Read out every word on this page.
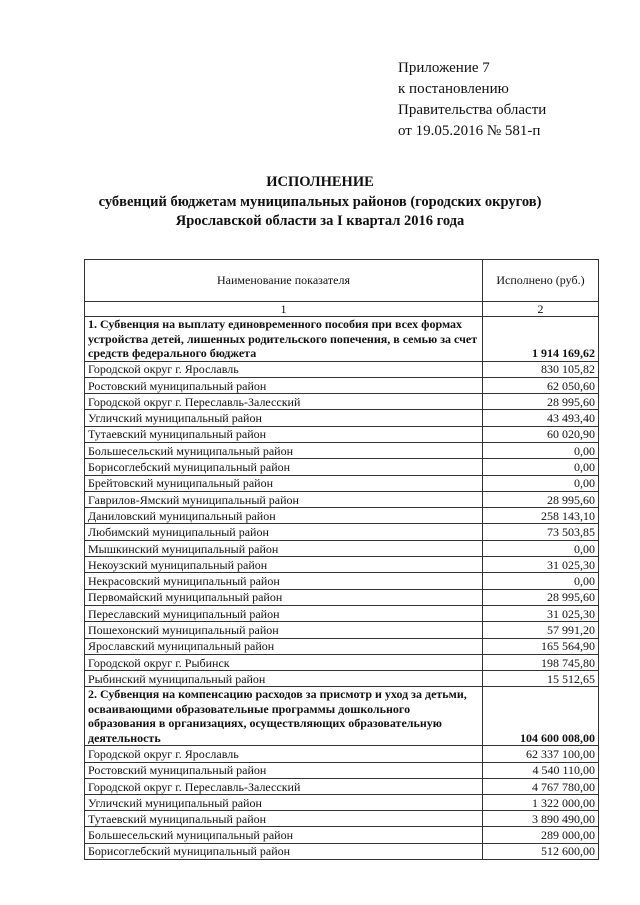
Приложение 7
к постановлению
Правительства области
от 19.05.2016 № 581-п
ИСПОЛНЕНИЕ
субвенций бюджетам муниципальных районов (городских округов)
Ярославской области за I квартал 2016 года
Наименование показателя	Исполнено (руб.)
1	2
1. Субвенция на выплату единовременного пособия при всех формах устройства детей, лишенных родительского попечения, в семью за счет средств федерального бюджета	1 914 169,62
Городской округ г. Ярославль	830 105,82
Ростовский муниципальный район	62 050,60
Городской округ г. Переславль-Залесский	28 995,60
Угличский муниципальный район	43 493,40
Тутаевский муниципальный район	60 020,90
Большесельский муниципальный район	0,00
Борисоглебский муниципальный район	0,00
Брейтовский муниципальный район	0,00
Гаврилов-Ямский муниципальный район	28 995,60
Даниловский муниципальный район	258 143,10
Любимский муниципальный район	73 503,85
Мышкинский муниципальный район	0,00
Некоузский муниципальный район	31 025,30
Некрасовский муниципальный район	0,00
Первомайский муниципальный район	28 995,60
Переславский муниципальный район	31 025,30
Пошехонский муниципальный район	57 991,20
Ярославский муниципальный район	165 564,90
Городской округ г. Рыбинск	198 745,80
Рыбинский муниципальный район	15 512,65
2. Субвенция на компенсацию расходов за присмотр и уход за детьми, осваивающими образовательные программы дошкольного образования в организациях, осуществляющих образовательную деятельность	104 600 008,00
Городской округ г. Ярославль	62 337 100,00
Ростовский муниципальный район	4 540 110,00
Городской округ г. Переславль-Залесский	4 767 780,00
Угличский муниципальный район	1 322 000,00
Тутаевский муниципальный район	3 890 490,00
Большесельский муниципальный район	289 000,00
Борисоглебский муниципальный район	512 600,00
